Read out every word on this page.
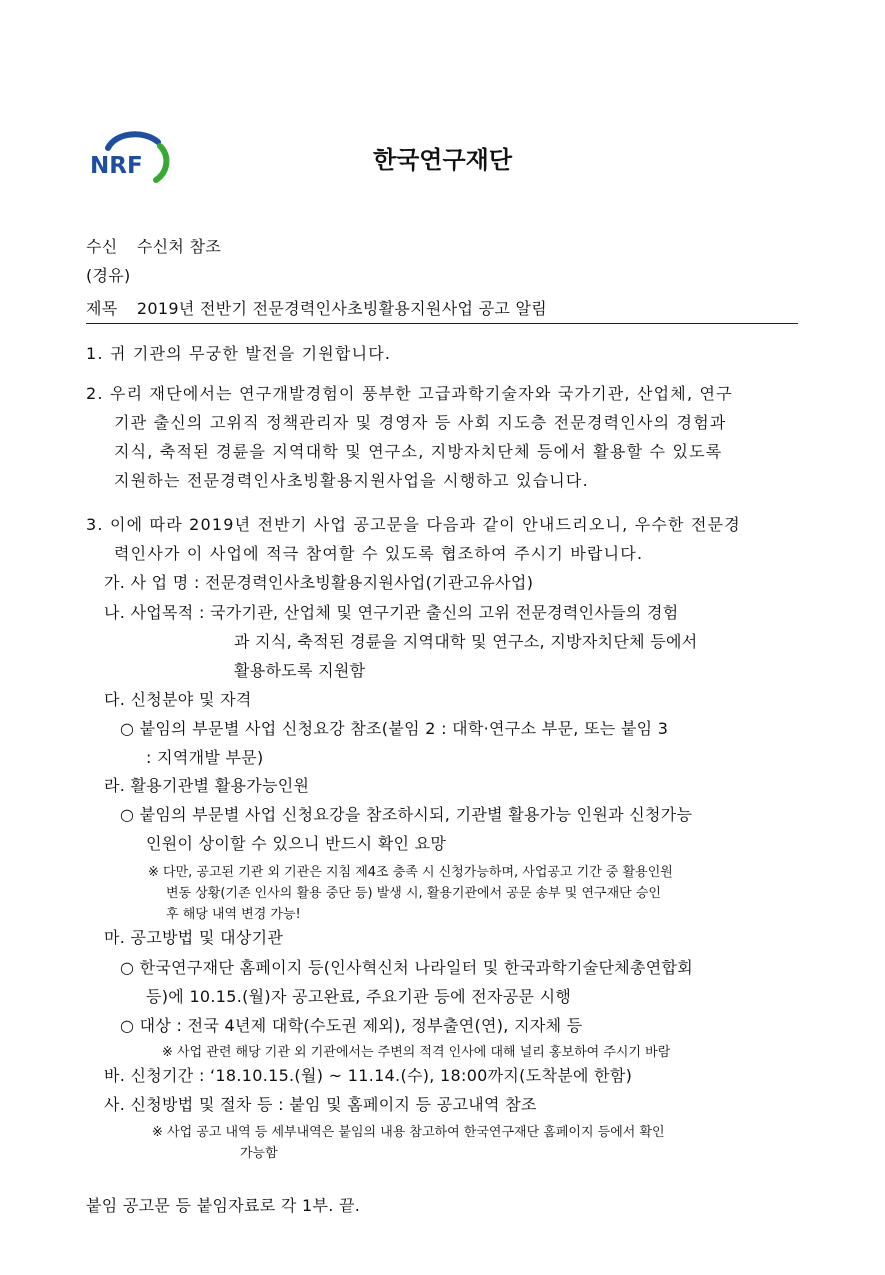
NRF	한국연구재단
수신 수신처 참조
(경유)
제목 2019년 전반기 전문경력인사초빙활용지원사업 공고 알림
1. 귀 기관의 무궁한 발전을 기원합니다.
2. 우리 재단에서는 연구개발경험이 풍부한 고급과학기술자와 국가기관, 산업체, 연구
기관 출신의 고위직 정책관리자 및 경영자 등 사회 지도층 전문경력인사의 경험과
지식, 축적된 경륜을 지역대학 및 연구소, 지방자치단체 등에서 활용할 수 있도록
지원하는 전문경력인사초빙활용지원사업을 시행하고 있습니다.
3. 이에 따라 2019년 전반기 사업 공고문을 다음과 같이 안내드리오니, 우수한 전문경
력인사가 이 사업에 적극 참여할 수 있도록 협조하여 주시기 바랍니다.
가. 사 업 명 : 전문경력인사초빙활용지원사업(기관고유사업)
나. 사업목적 : 국가기관, 산업체 및 연구기관 출신의 고위 전문경력인사들의 경험
과 지식, 축적된 경륜을 지역대학 및 연구소, 지방자치단체 등에서
활용하도록 지원함
다. 신청분야 및 자격
○ 붙임의 부문별 사업 신청요강 참조(붙임 2 : 대학·연구소 부문, 또는 붙임 3
: 지역개발 부문)
라. 활용기관별 활용가능인원
○ 붙임의 부문별 사업 신청요강을 참조하시되, 기관별 활용가능 인원과 신청가능
인원이 상이할 수 있으니 반드시 확인 요망
※ 다만, 공고된 기관 외 기관은 지침 제4조 충족 시 신청가능하며, 사업공고 기간 중 활용인원
변동 상황(기존 인사의 활용 중단 등) 발생 시, 활용기관에서 공문 송부 및 연구재단 승인
후 해당 내역 변경 가능!
마. 공고방법 및 대상기관
○ 한국연구재단 홈페이지 등(인사혁신처 나라일터 및 한국과학기술단체총연합회
등)에 10.15.(월)자 공고완료, 주요기관 등에 전자공문 시행
○ 대상 : 전국 4년제 대학(수도권 제외), 정부출연(연), 지자체 등
※ 사업 관련 해당 기관 외 기관에서는 주변의 적격 인사에 대해 널리 홍보하여 주시기 바람
바. 신청기간 : ‘18.10.15.(월) ~ 11.14.(수), 18:00까지(도착분에 한함)
사. 신청방법 및 절차 등 : 붙임 및 홈페이지 등 공고내역 참조
※ 사업 공고 내역 등 세부내역은 붙임의 내용 참고하여 한국연구재단 홈페이지 등에서 확인
가능함
붙임 공고문 등 붙임자료로 각 1부. 끝.
